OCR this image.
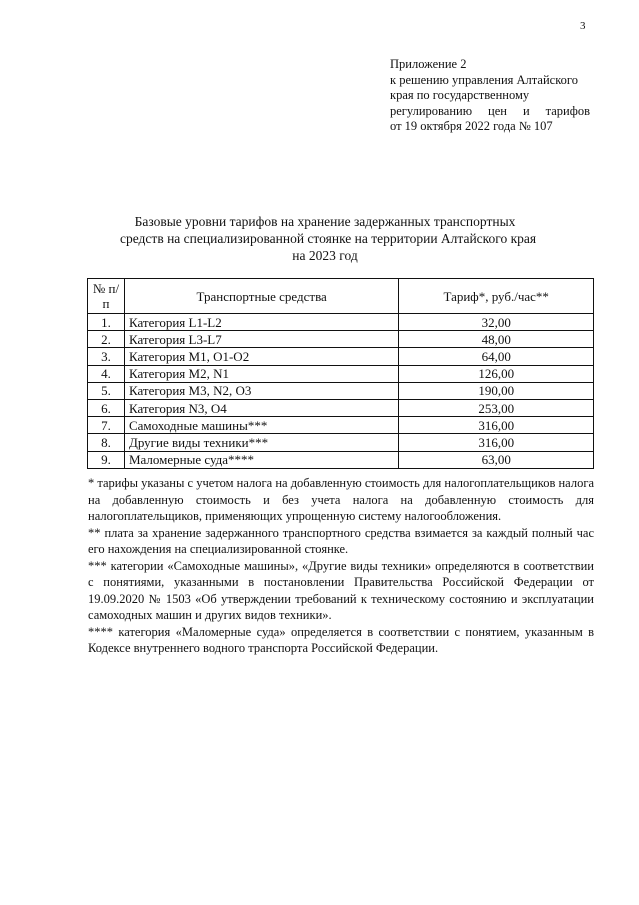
3
Приложение 2
к решению управления Алтайского
края по государственному
регулированию цен и тарифов
от 19 октября 2022 года № 107
Базовые уровни тарифов на хранение задержанных транспортных
средств на специализированной стоянке на территории Алтайского края
на 2023 год
№ п/п	Транспортные средства	Тариф*, руб./час**
1.	Категория L1-L2	32,00
2.	Категория L3-L7	48,00
3.	Категория M1, O1-O2	64,00
4.	Категория M2, N1	126,00
5.	Категория M3, N2, O3	190,00
6.	Категория N3, O4	253,00
7.	Самоходные машины***	316,00
8.	Другие виды техники***	316,00
9.	Маломерные суда****	63,00

* тарифы указаны с учетом налога на добавленную стоимость для налогоплательщиков налога на добавленную стоимость и без учета налога на добавленную стоимость для налогоплательщиков, применяющих упрощенную систему налогообложения.

** плата за хранение задержанного транспортного средства взимается за каждый полный час его нахождения на специализированной стоянке.

*** категории «Самоходные машины», «Другие виды техники» определяются в соответствии с понятиями, указанными в постановлении Правительства Российской Федерации от 19.09.2020 № 1503 «Об утверждении требований к техническому состоянию и эксплуатации самоходных машин и других видов техники».

**** категория «Маломерные суда» определяется в соответствии с понятием, указанным в Кодексе внутреннего водного транспорта Российской Федерации.
